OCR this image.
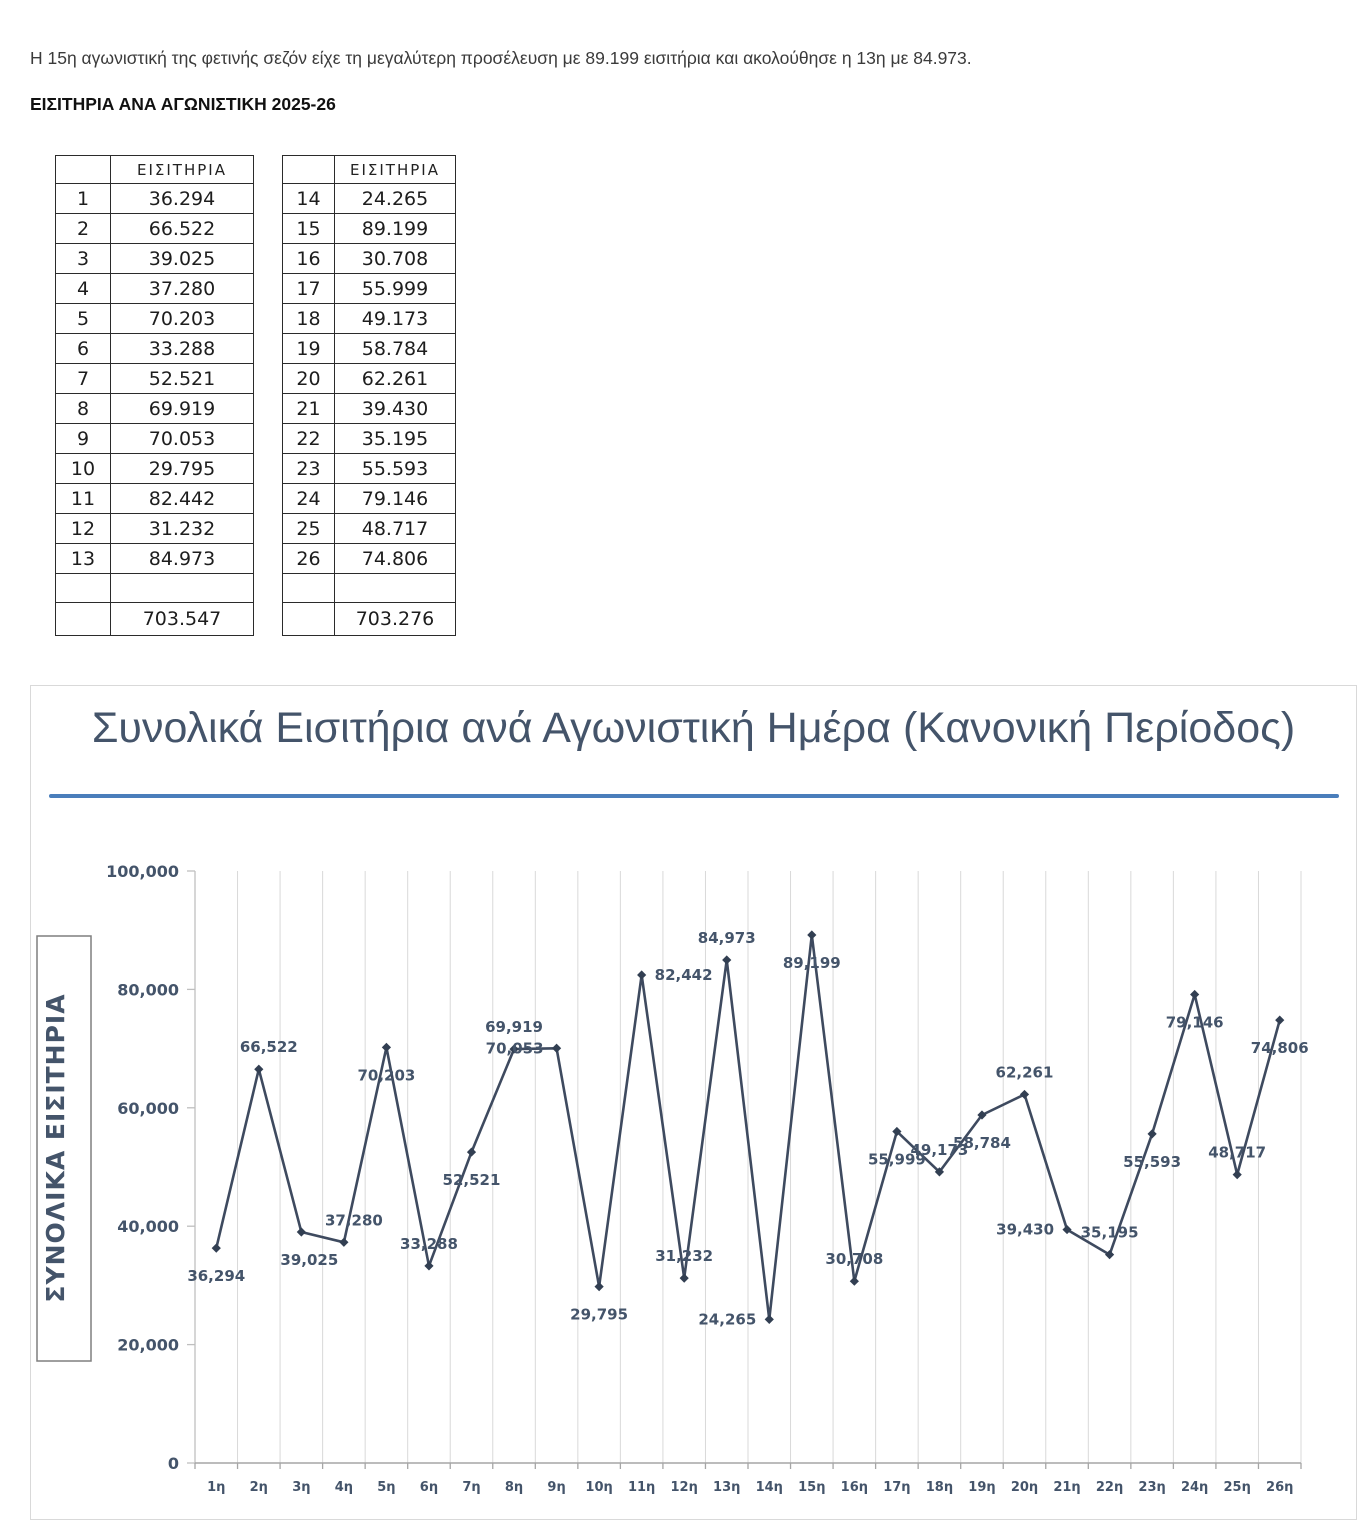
Η 15η αγωνιστική της φετινής σεζόν είχε τη μεγαλύτερη προσέλευση με 89.199 εισιτήρια και ακολούθησε η 13η με 84.973.

ΕΙΣΙΤΗΡΙΑ ΑΝΑ ΑΓΩΝΙΣΤΙΚΗ 2025-26
	ΕΙΣΙΤΗΡΙΑ
1	36.294
2	66.522
3	39.025
4	37.280
5	70.203
6	33.288
7	52.521
8	69.919
9	70.053
10	29.795
11	82.442
12	31.232
13	84.973

	703.547
	ΕΙΣΙΤΗΡΙΑ
14	24.265
15	89.199
16	30.708
17	55.999
18	49.173
19	58.784
20	62.261
21	39.430
22	35.195
23	55.593
24	79.146
25	48.717
26	74.806

	703.276
Συνολικά Εισιτήρια ανά Αγωνιστική Ημέρα (Κανονική Περίοδος)
0
20,000
40,000
60,000
80,000
100,000
1η 2η 3η 4η 5η 6η 7η 8η 9η 10η 11η 12η 13η 14η 15η 16η 17η 18η 19η 20η 21η 22η 23η 24η 25η 26η
ΣΥΝΟΛΙΚΑ ΕΙΣΙΤΗΡΙΑ	36,294
66,522
39,025
37,280
70,203
33,288
52,521
69,919
70,053
29,795
82,442
31,232
84,973
24,265
89,199
30,708
55,999
49,173
58,784
62,261
39,430 35,195
55,593
79,146
48,717
74,806
